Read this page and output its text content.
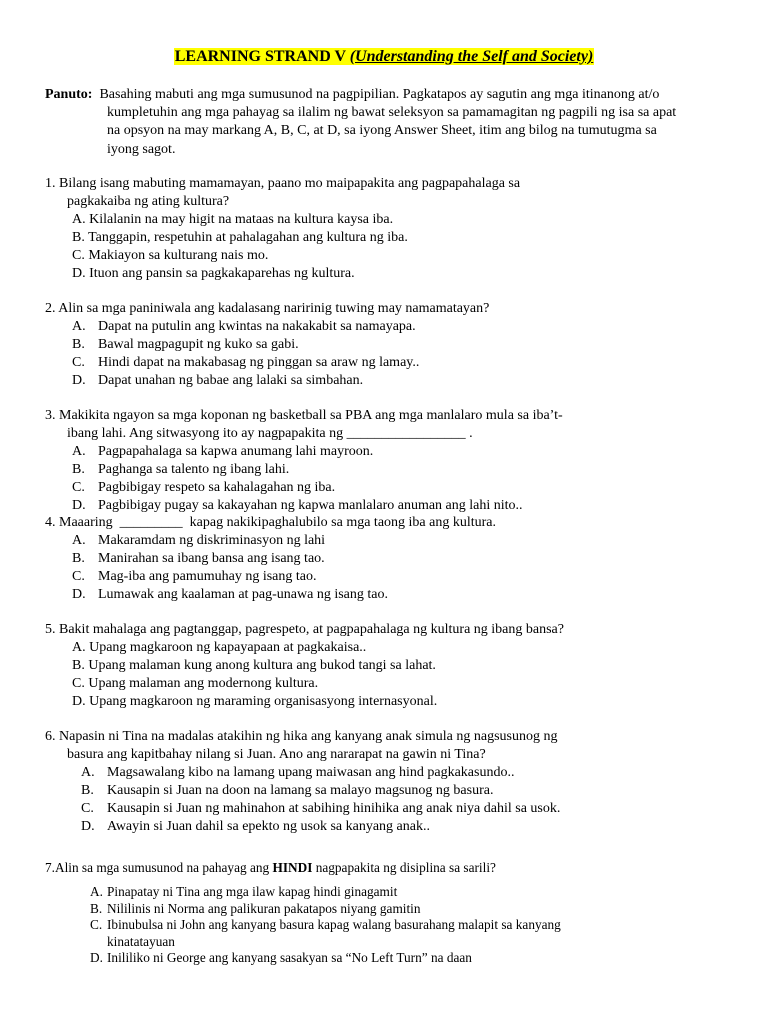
LEARNING STRAND V (Understanding the Self and Society)
Panuto: Basahing mabuti ang mga sumusunod na pagpipilian. Pagkatapos ay sagutin ang mga itinanong at/o
kumpletuhin ang mga pahayag sa ilalim ng bawat seleksyon sa pamamagitan ng pagpili ng isa sa apat
na opsyon na may markang A, B, C, at D, sa iyong Answer Sheet, itim ang bilog na tumutugma sa
iyong sagot.
1. Bilang isang mabuting mamamayan, paano mo maipapakita ang pagpapahalaga sa
pagkakaiba ng ating kultura?
A. Kilalanin na may higit na mataas na kultura kaysa iba.
B. Tanggapin, respetuhin at pahalagahan ang kultura ng iba.
C. Makiayon sa kulturang nais mo.
D. Ituon ang pansin sa pagkakaparehas ng kultura.
2. Alin sa mga paniniwala ang kadalasang naririnig tuwing may namamatayan?
A. Dapat na putulin ang kwintas na nakakabit sa namayapa.
B. Bawal magpagupit ng kuko sa gabi.
C. Hindi dapat na makabasag ng pinggan sa araw ng lamay..
D. Dapat unahan ng babae ang lalaki sa simbahan.
3. Makikita ngayon sa mga koponan ng basketball sa PBA ang mga manlalaro mula sa iba’t-
ibang lahi. Ang sitwasyong ito ay nagpapakita ng _________________ .
A. Pagpapahalaga sa kapwa anumang lahi mayroon.
B. Paghanga sa talento ng ibang lahi.
C. Pagbibigay respeto sa kahalagahan ng iba.
D. Pagbibigay pugay sa kakayahan ng kapwa manlalaro anuman ang lahi nito..
4. Maaaring  _________  kapag nakikipaghalubilo sa mga taong iba ang kultura.
A. Makaramdam ng diskriminasyon ng lahi
B. Manirahan sa ibang bansa ang isang tao.
C. Mag-iba ang pamumuhay ng isang tao.
D. Lumawak ang kaalaman at pag-unawa ng isang tao.
5. Bakit mahalaga ang pagtanggap, pagrespeto, at pagpapahalaga ng kultura ng ibang bansa?
A. Upang magkaroon ng kapayapaan at pagkakaisa..
B. Upang malaman kung anong kultura ang bukod tangi sa lahat.
C. Upang malaman ang modernong kultura.
D. Upang magkaroon ng maraming organisasyong internasyonal.
6. Napasin ni Tina na madalas atakihin ng hika ang kanyang anak simula ng nagsusunog ng
basura ang kapitbahay nilang si Juan. Ano ang nararapat na gawin ni Tina?
A. Magsawalang kibo na lamang upang maiwasan ang hind pagkakasundo..
B. Kausapin si Juan na doon na lamang sa malayo magsunog ng basura.
C. Kausapin si Juan ng mahinahon at sabihing hinihika ang anak niya dahil sa usok.
D. Awayin si Juan dahil sa epekto ng usok sa kanyang anak..
7.Alin sa mga sumusunod na pahayag ang HINDI nagpapakita ng disiplina sa sarili?
A. Pinapatay ni Tina ang mga ilaw kapag hindi ginagamit
B. Nililinis ni Norma ang palikuran pakatapos niyang gamitin
C. Ibinubulsa ni John ang kanyang basura kapag walang basurahang malapit sa kanyang
kinatatayuan
D. Inililiko ni George ang kanyang sasakyan sa “No Left Turn” na daan
